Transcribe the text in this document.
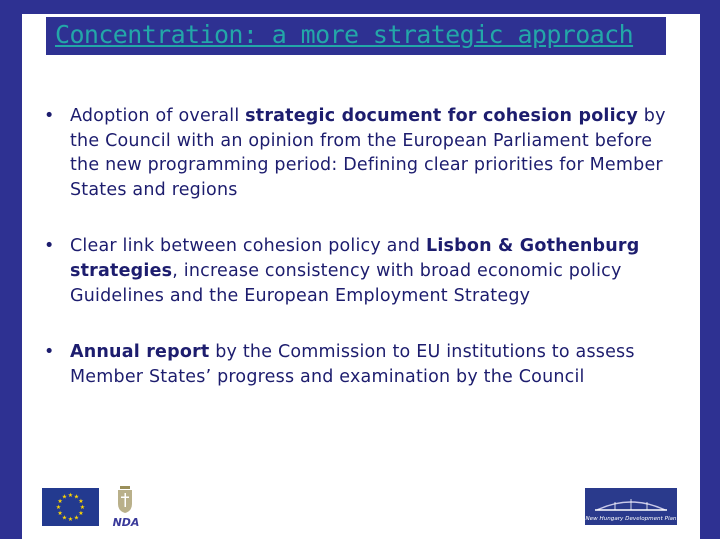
Concentration: a more strategic approach
• Adoption of overall strategic document for cohesion policy by the Council with an opinion from the European Parliament before the new programming period: Defining clear priorities for Member States and regions
• Clear link between cohesion policy and Lisbon & Gothenburg strategies, increase consistency with broad economic policy Guidelines and the European Employment Strategy
• Annual report by the Commission to EU institutions to assess Member States’ progress and examination by the Council
★ ★
★
★
★
★
★
★
★
★
★
★
NDA	New Hungary Development Plan
